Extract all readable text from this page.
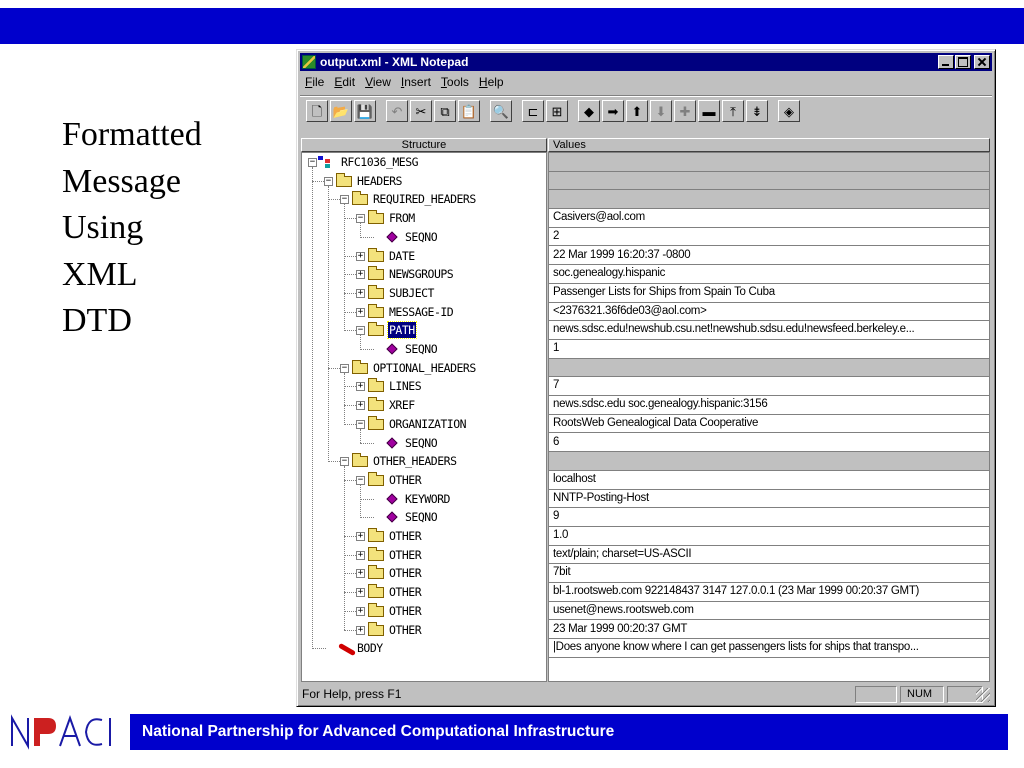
Formatted
Message
Using
XML
DTD
output.xml - XML Notepad
File Edit View Insert Tools Help
🗋 📂 💾 ↶ ✂ ⧉ 📋 🔍 ⊏ ⊞ ◆ ➡ ⬆ ⬇ ✚ ▬ ⤒ ⇟ ◈
Structure	Values
− RFC1036_MESG
− HEADERS
− REQUIRED_HEADERS
− FROM
SEQNO
+ DATE
+ NEWSGROUPS
+ SUBJECT
+ MESSAGE-ID
− PATH
SEQNO
− OPTIONAL_HEADERS
+ LINES
+ XREF
− ORGANIZATION
SEQNO
− OTHER_HEADERS
− OTHER
KEYWORD
SEQNO
+ OTHER
+ OTHER
+ OTHER
+ OTHER
+ OTHER
+ OTHER
BODY
Casivers@aol.com
2
22 Mar 1999 16:20:37 -0800
soc.genealogy.hispanic
Passenger Lists for Ships from Spain To Cuba
<2376321.36f6de03@aol.com>
news.sdsc.edu!newshub.csu.net!newshub.sdsu.edu!newsfeed.berkeley.e...
1
7
news.sdsc.edu soc.genealogy.hispanic:3156
RootsWeb Genealogical Data Cooperative
6
localhost
NNTP-Posting-Host
9
1.0
text/plain; charset=US-ASCII
7bit
bl-1.rootsweb.com 922148437 3147 127.0.0.1 (23 Mar 1999 00:20:37 GMT)
usenet@news.rootsweb.com
23 Mar 1999 00:20:37 GMT
|Does anyone know where I can get passengers lists for ships that transpo...
For Help, press F1	NUM
National Partnership for Advanced Computational Infrastructure
